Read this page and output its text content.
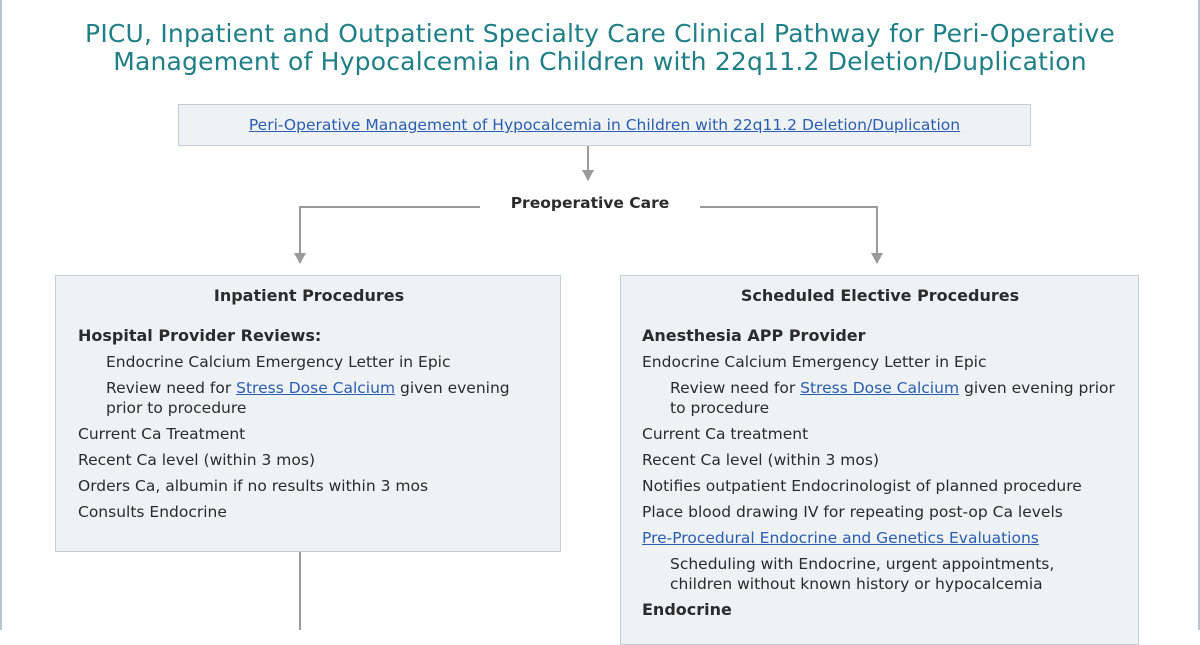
PICU, Inpatient and Outpatient Specialty Care Clinical Pathway for Peri-Operative
Management of Hypocalcemia in Children with 22q11.2 Deletion/Duplication
Peri-Operative Management of Hypocalcemia in Children with 22q11.2 Deletion/Duplication
Preoperative Care
Inpatient Procedures
Hospital Provider Reviews:
Endocrine Calcium Emergency Letter in Epic
Review need for Stress Dose Calcium given evening prior to procedure
Current Ca Treatment
Recent Ca level (within 3 mos)
Orders Ca, albumin if no results within 3 mos
Consults Endocrine
Scheduled Elective Procedures
Anesthesia APP Provider
Endocrine Calcium Emergency Letter in Epic
Review need for Stress Dose Calcium given evening prior to procedure
Current Ca treatment
Recent Ca level (within 3 mos)
Notifies outpatient Endocrinologist of planned procedure
Place blood drawing IV for repeating post-op Ca levels
Pre-Procedural Endocrine and Genetics Evaluations
Scheduling with Endocrine, urgent appointments, children without known history or hypocalcemia
Endocrine
